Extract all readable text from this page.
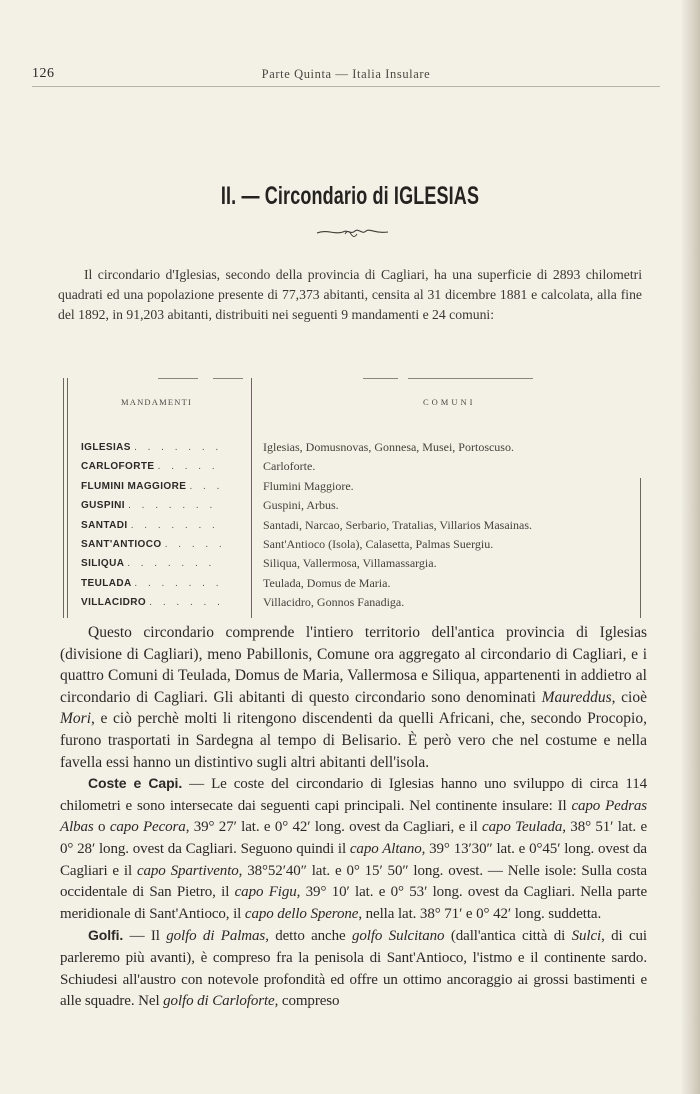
126	Parte Quinta — Italia Insulare
II. — Circondario di IGLESIAS

Il circondario d'Iglesias, secondo della provincia di Cagliari, ha una superficie di 2893 chilometri quadrati ed una popolazione presente di 77,373 abitanti, censita al 31 dicembre 1881 e calcolata, alla fine del 1892, in 91,203 abitanti, distribuiti nei seguenti 9 mandamenti e 24 comuni:

MANDAMENTI	COMUNI
IGLESIAS . . . . . . .
CARLOFORTE . . . . .
FLUMINI MAGGIORE . . .
GUSPINI . . . . . . .
SANTADI . . . . . . .
SANT'ANTIOCO . . . . .
SILIQUA . . . . . . .
TEULADA . . . . . . .
VILLACIDRO . . . . . .
Iglesias, Domusnovas, Gonnesa, Musei, Portoscuso.
Carloforte.
Flumini Maggiore.
Guspini, Arbus.
Santadi, Narcao, Serbario, Tratalias, Villarios Masainas.
Sant'Antioco (Isola), Calasetta, Palmas Suergiu.
Siliqua, Vallermosa, Villamassargia.
Teulada, Domus de Maria.
Villacidro, Gonnos Fanadiga.

Questo circondario comprende l'intiero territorio dell'antica provincia di Iglesias (divisione di Cagliari), meno Pabillonis, Comune ora aggregato al circondario di Cagliari, e i quattro Comuni di Teulada, Domus de Maria, Vallermosa e Siliqua, appartenenti in addietro al circondario di Cagliari. Gli abitanti di questo circondario sono denominati Maureddus, cioè Mori, e ciò perchè molti li ritengono discendenti da quelli Africani, che, secondo Procopio, furono trasportati in Sardegna al tempo di Belisario. È però vero che nel costume e nella favella essi hanno un distintivo sugli altri abitanti dell'isola.

Coste e Capi. — Le coste del circondario di Iglesias hanno uno sviluppo di circa 114 chilometri e sono intersecate dai seguenti capi principali. Nel continente insulare: Il capo Pedras Albas o capo Pecora, 39° 27′ lat. e 0° 42′ long. ovest da Cagliari, e il capo Teulada, 38° 51′ lat. e 0° 28′ long. ovest da Cagliari. Seguono quindi il capo Altano, 39° 13′30″ lat. e 0°45′ long. ovest da Cagliari e il capo Spartivento, 38°52′40″ lat. e 0° 15′ 50″ long. ovest. — Nelle isole: Sulla costa occidentale di San Pietro, il capo Figu, 39° 10′ lat. e 0° 53′ long. ovest da Cagliari. Nella parte meridionale di Sant'Antioco, il capo dello Sperone, nella lat. 38° 71′ e 0° 42′ long. suddetta.

Golfi. — Il golfo di Palmas, detto anche golfo Sulcitano (dall'antica città di Sulci, di cui parleremo più avanti), è compreso fra la penisola di Sant'Antioco, l'istmo e il continente sardo. Schiudesi all'austro con notevole profondità ed offre un ottimo ancoraggio ai grossi bastimenti e alle squadre. Nel golfo di Carloforte, compreso
